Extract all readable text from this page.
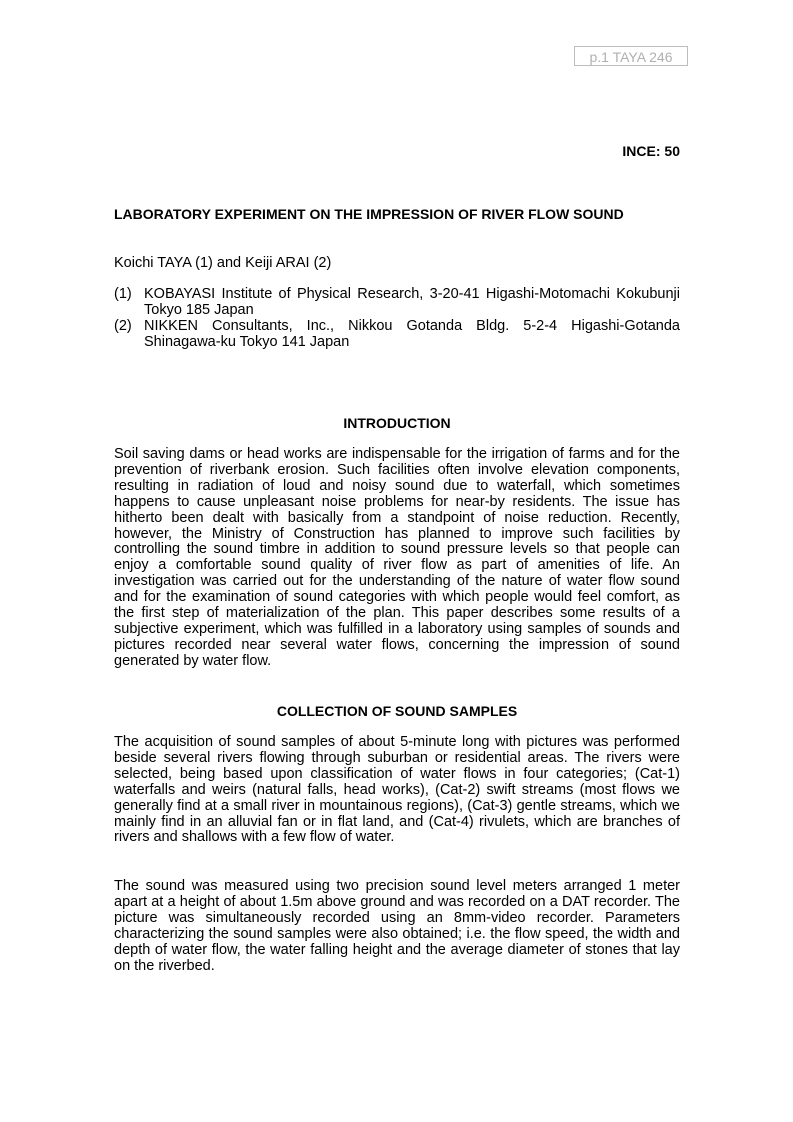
p.1 TAYA 246
INCE: 50
LABORATORY EXPERIMENT ON THE IMPRESSION OF RIVER FLOW SOUND
Koichi TAYA (1) and Keiji ARAI (2)
(1) KOBAYASI Institute of Physical Research, 3-20-41 Higashi-Motomachi Kokubunji Tokyo 185 Japan
(2) NIKKEN Consultants, Inc., Nikkou Gotanda Bldg. 5-2-4 Higashi-Gotanda Shinagawa-ku Tokyo 141 Japan
INTRODUCTION

Soil saving dams or head works are indispensable for the irrigation of farms and for the prevention of riverbank erosion. Such facilities often involve elevation components, resulting in radiation of loud and noisy sound due to waterfall, which sometimes happens to cause unpleasant noise problems for near-by residents. The issue has hitherto been dealt with basically from a standpoint of noise reduction. Recently, however, the Ministry of Construction has planned to improve such facilities by controlling the sound timbre in addition to sound pressure levels so that people can enjoy a comfortable sound quality of river flow as part of amenities of life. An investigation was carried out for the understanding of the nature of water flow sound and for the examination of sound categories with which people would feel comfort, as the first step of materialization of the plan. This paper describes some results of a subjective experiment, which was fulfilled in a laboratory using samples of sounds and pictures recorded near several water flows, concerning the impression of sound generated by water flow.

COLLECTION OF SOUND SAMPLES

The acquisition of sound samples of about 5-minute long with pictures was performed beside several rivers flowing through suburban or residential areas. The rivers were selected, being based upon classification of water flows in four categories; (Cat-1) waterfalls and weirs (natural falls, head works), (Cat-2) swift streams (most flows we generally find at a small river in mountainous regions), (Cat-3) gentle streams, which we mainly find in an alluvial fan or in flat land, and (Cat-4) rivulets, which are branches of rivers and shallows with a few flow of water.

The sound was measured using two precision sound level meters arranged 1 meter apart at a height of about 1.5m above ground and was recorded on a DAT recorder. The picture was simultaneously recorded using an 8mm-video recorder. Parameters characterizing the sound samples were also obtained; i.e. the flow speed, the width and depth of water flow, the water falling height and the average diameter of stones that lay on the riverbed.
